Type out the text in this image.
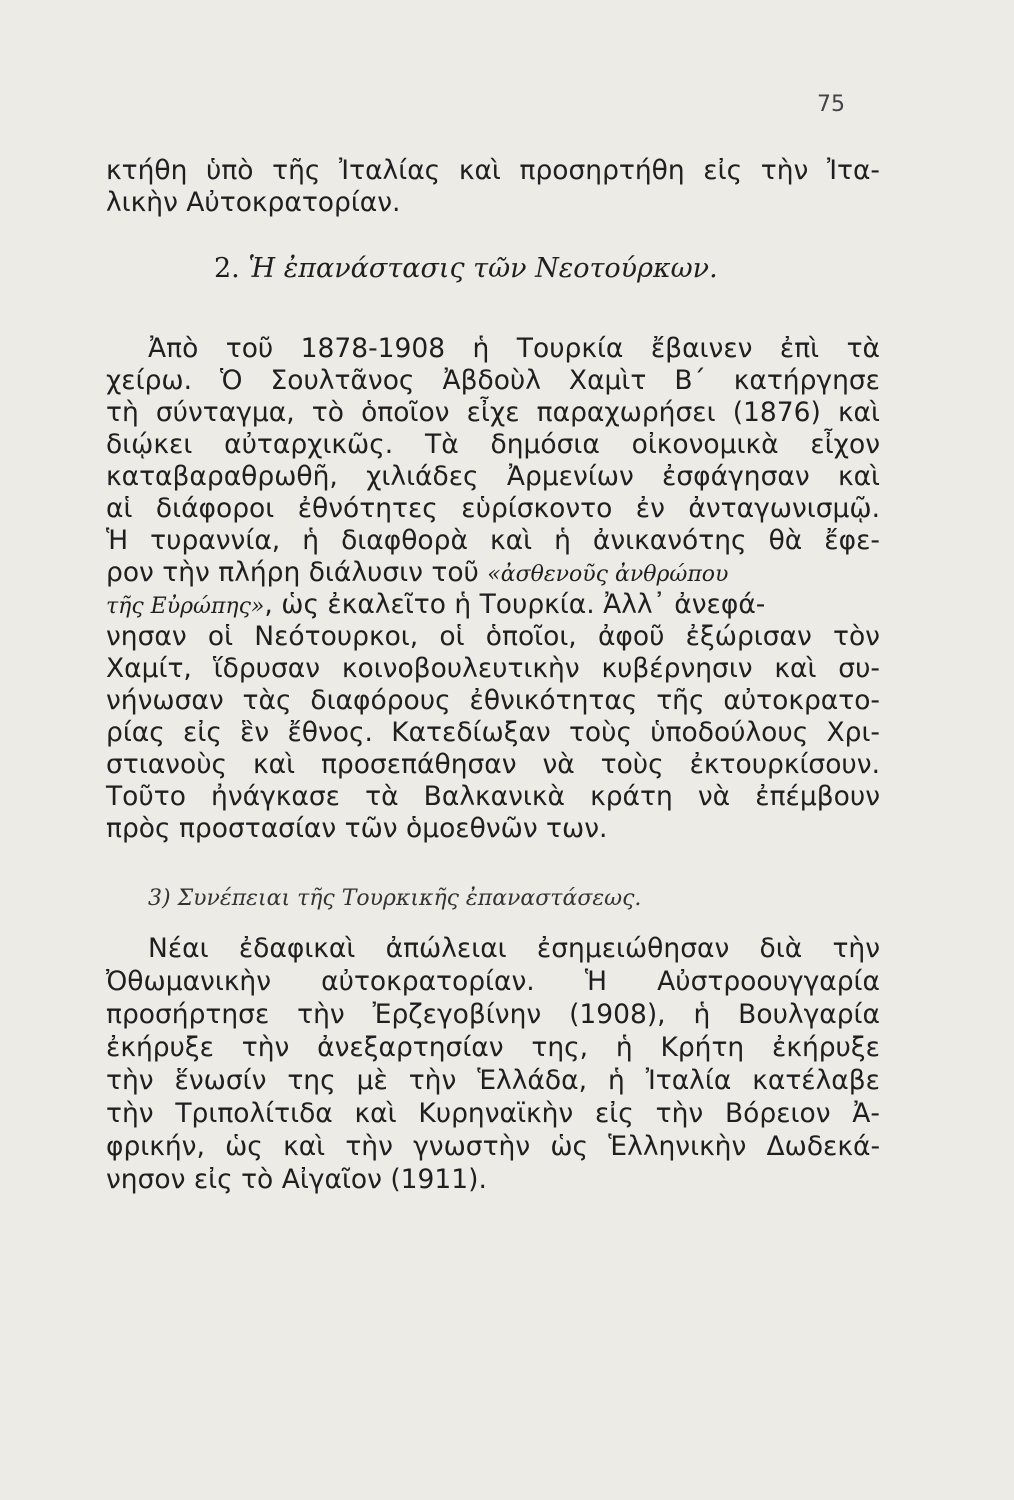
75
κτήθη ὑπὸ τῆς Ἰταλίας καὶ προσηρτήθη εἰς τὴν Ἰτα-
λικὴν Αὐτοκρατορίαν.
2. Ἡ ἐπανάστασις τῶν Νεοτούρκων.
Ἀπὸ τοῦ 1878-1908 ἡ Τουρκία ἔβαινεν ἐπὶ τὰ
χείρω. Ὁ Σουλτᾶνος Ἀβδοὺλ Χαμὶτ Β΄ κατήργησε
τὴ σύνταγμα, τὸ ὁποῖον εἶχε παραχωρήσει (1876) καὶ
διῴκει αὐταρχικῶς. Τὰ δημόσια οἰκονομικὰ εἶχον
καταβαραθρωθῆ, χιλιάδες Ἀρμενίων ἐσφάγησαν καὶ
αἱ διάφοροι ἐθνότητες εὑρίσκοντο ἐν ἀνταγωνισμῷ.
Ἡ τυραννία, ἡ διαφθορὰ καὶ ἡ ἀνικανότης θὰ ἔφε-
ρον τὴν πλήρη διάλυσιν τοῦ «ἀσθενοῦς ἀνθρώπου
τῆς Εὐρώπης», ὡς ἐκαλεῖτο ἡ Τουρκία. Ἀλλ᾽ ἀνεφά-
νησαν οἱ Νεότουρκοι, οἱ ὁποῖοι, ἀφοῦ ἐξώρισαν τὸν
Χαμίτ, ἵδρυσαν κοινοβουλευτικὴν κυβέρνησιν καὶ συ-
νήνωσαν τὰς διαφόρους ἐθνικότητας τῆς αὐτοκρατο-
ρίας εἰς ἓν ἔθνος. Κατεδίωξαν τοὺς ὑποδούλους Χρι-
στιανοὺς καὶ προσεπάθησαν νὰ τοὺς ἐκτουρκίσουν.
Τοῦτο ἠνάγκασε τὰ Βαλκανικὰ κράτη νὰ ἐπέμβουν
πρὸς προστασίαν τῶν ὁμοεθνῶν των.
3) Συνέπειαι τῆς Τουρκικῆς ἐπαναστάσεως.
Νέαι ἐδαφικαὶ ἀπώλειαι ἐσημειώθησαν διὰ τὴν
Ὀθωμανικὴν αὐτοκρατορίαν. Ἡ Αὐστροουγγαρία
προσήρτησε τὴν Ἐρζεγοβίνην (1908), ἡ Βουλγαρία
ἐκήρυξε τὴν ἀνεξαρτησίαν της, ἡ Κρήτη ἐκήρυξε
τὴν ἕνωσίν της μὲ τὴν Ἑλλάδα, ἡ Ἰταλία κατέλαβε
τὴν Τριπολίτιδα καὶ Κυρηναϊκὴν εἰς τὴν Βόρειον Ἀ-
φρικήν, ὡς καὶ τὴν γνωστὴν ὡς Ἑλληνικὴν Δωδεκά-
νησον εἰς τὸ Αἰγαῖον (1911).
